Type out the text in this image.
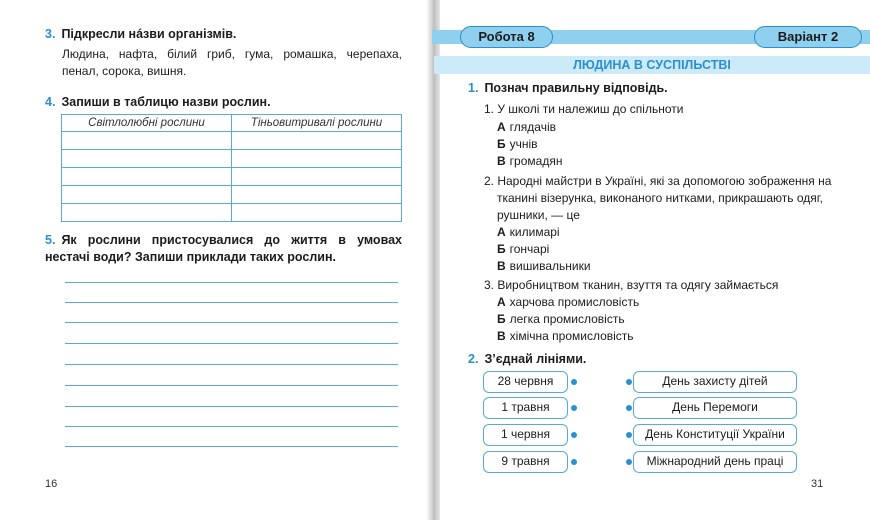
3. Підкресли нáзви організмів.
Людина, нафта, білий гриб, гума, ромашка, черепаха, пенал, сорока, вишня.
4. Запиши в таблицю назви рослин.
Світлолюбні рослини	Тіньовитривалі рослини

5. Як рослини пристосувалися до життя в умовах нестачі води? Запиши приклади таких рослин.
16
Робота 8	Варіант 2
ЛЮДИНА В СУСПІЛЬСТВІ
1. Познач правильну відповідь.
1. У школі ти належиш до спільноти
А глядачів
Б учнів
В громадян
2. Народні майстри в Україні, які за допомогою зображення на
тканині візерунка, виконаного нитками, прикрашають одяг,
рушники, — це
А килимарі
Б гончарі
В вишивальники
3. Виробництвом тканин, взуття та одягу займається
А харчова промисловість
Б легка промисловість
В хімічна промисловість
2. З’єднай лініями.
28 червня
1 травня
1 червня
9 травня
День захисту дітей
День Перемоги
День Конституції України
Міжнародний день праці
31
